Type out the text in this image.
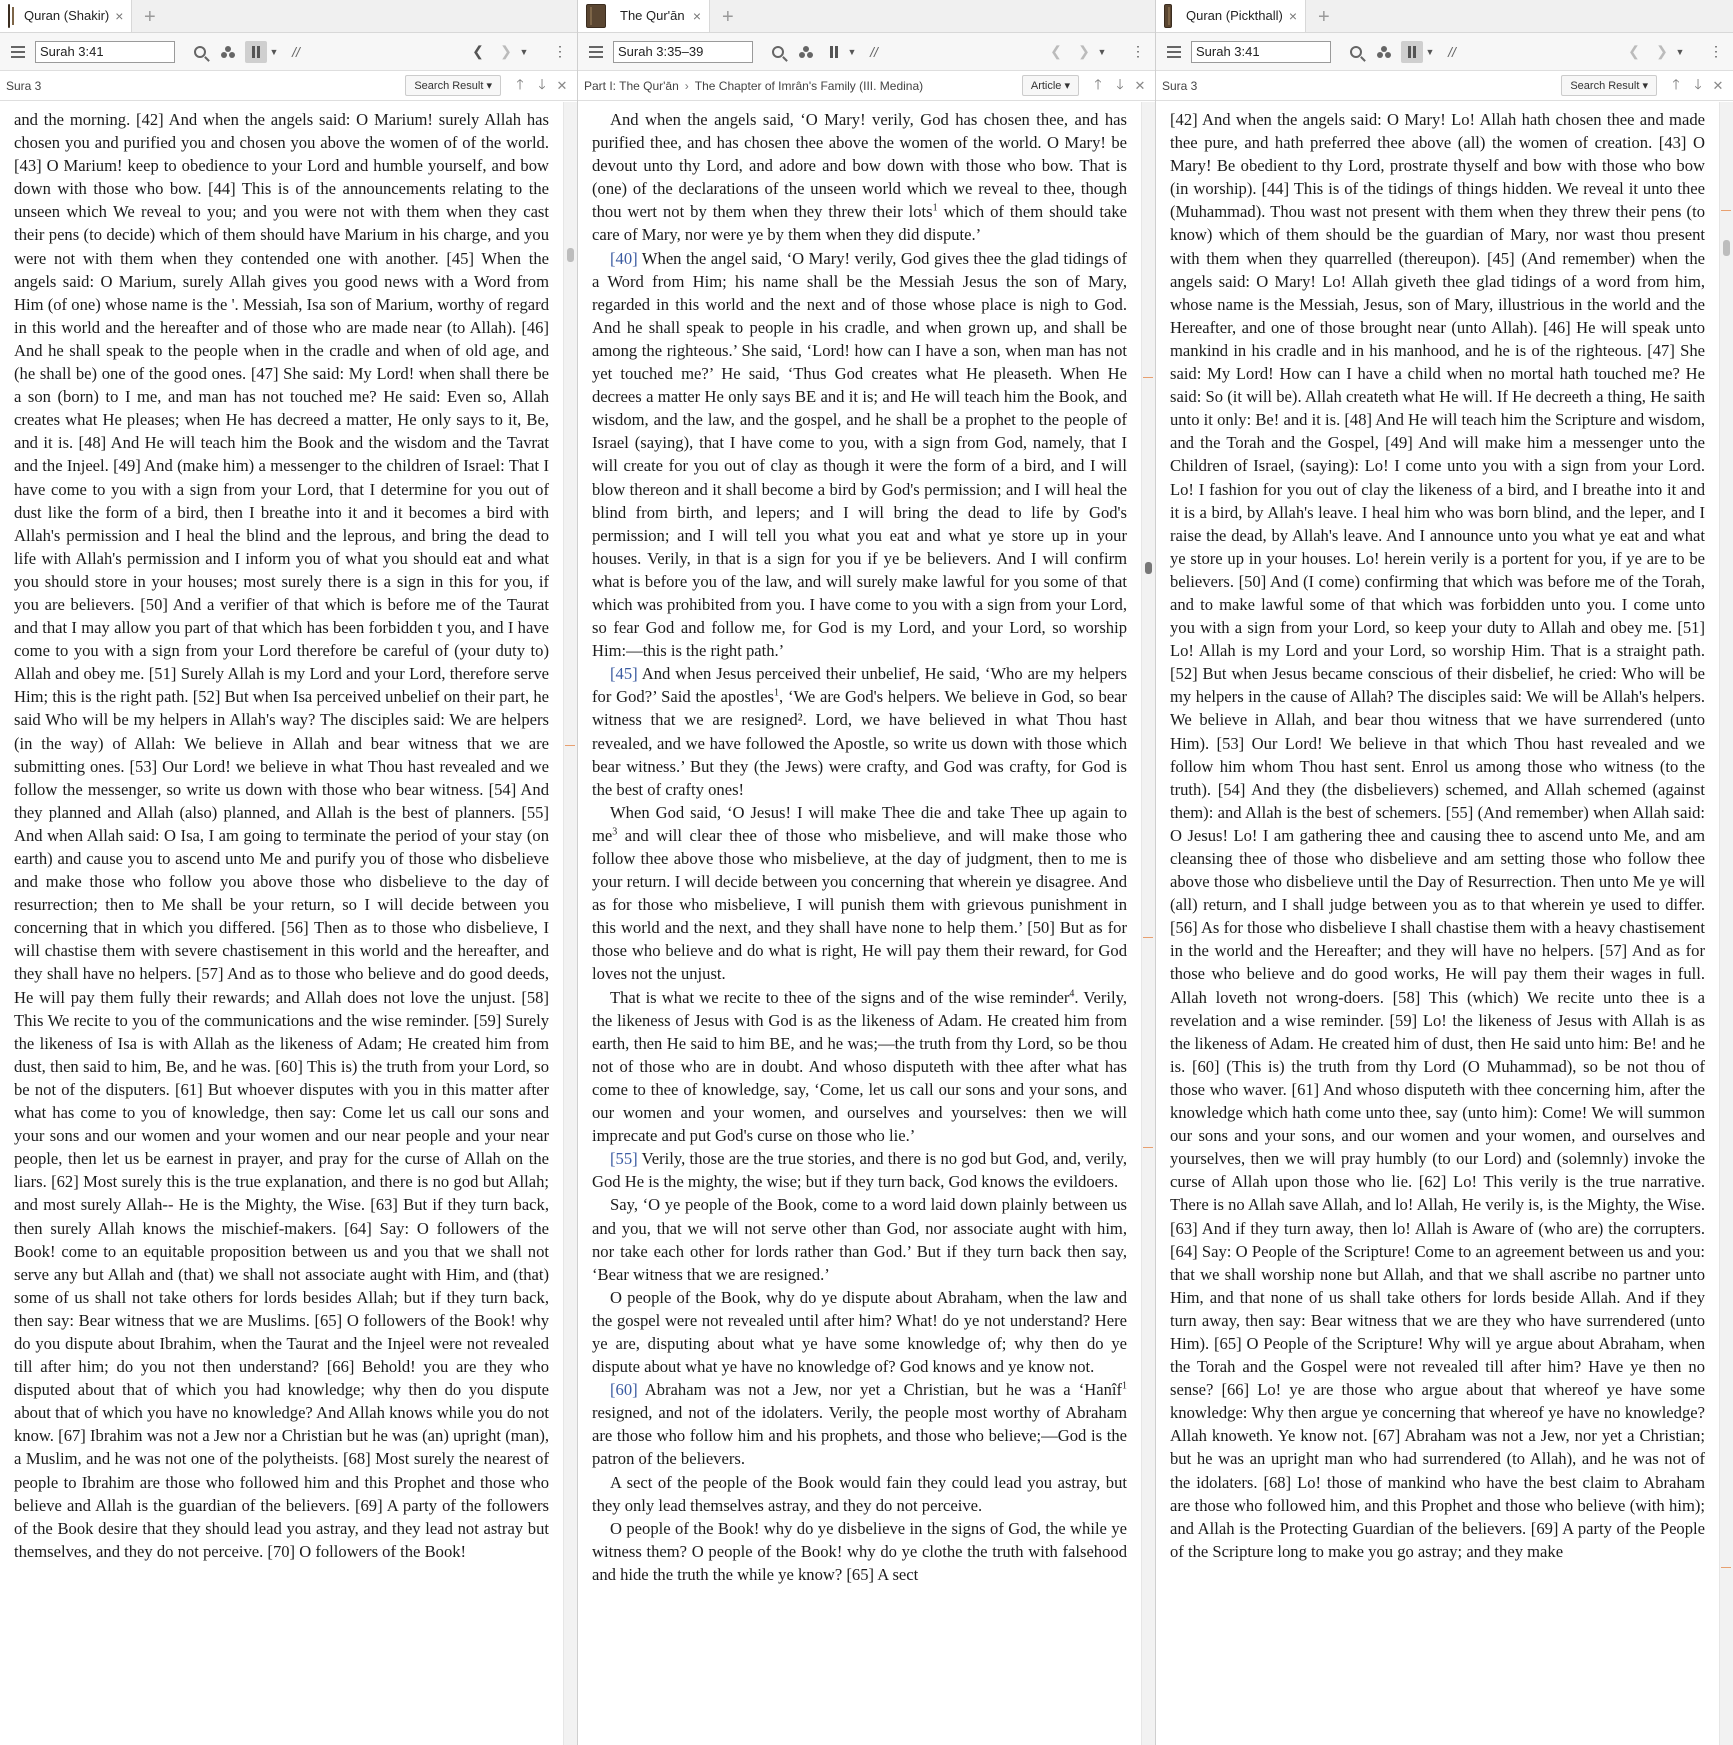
Quran (Shakir) × +
Surah 3:41
▼ //	❮	❯ ▼ ⋮
Sura 3	Search Result ▾	🡑	🡓 ✕

and the morning. [42] And when the angels said: O Marium! surely Allah has chosen you and purified you and chosen you above the women of of the world. [43] O Marium! keep to obedience to your Lord and humble yourself, and bow down with those who bow. [44] This is of the announcements relating to the unseen which We reveal to you; and you were not with them when they cast their pens (to decide) which of them should have Marium in his charge, and you were not with them when they contended one with another. [45] When the angels said: O Marium, surely Allah gives you good news with a Word from Him (of one) whose name is the '. Messiah, Isa son of Marium, worthy of regard in this world and the hereafter and of those who are made near (to Allah). [46] And he shall speak to the people when in the cradle and when of old age, and (he shall be) one of the good ones. [47] She said: My Lord! when shall there be a son (born) to I me, and man has not touched me? He said: Even so, Allah creates what He pleases; when He has decreed a matter, He only says to it, Be, and it is. [48] And He will teach him the Book and the wisdom and the Tavrat and the Injeel. [49] And (make him) a messenger to the children of Israel: That I have come to you with a sign from your Lord, that I determine for you out of dust like the form of a bird, then I breathe into it and it becomes a bird with Allah's permission and I heal the blind and the leprous, and bring the dead to life with Allah's permission and I inform you of what you should eat and what you should store in your houses; most surely there is a sign in this for you, if you are believers. [50] And a verifier of that which is before me of the Taurat and that I may allow you part of that which has been forbidden t you, and I have come to you with a sign from your Lord therefore be careful of (your duty to) Allah and obey me. [51] Surely Allah is my Lord and your Lord, therefore serve Him; this is the right path. [52] But when Isa perceived unbelief on their part, he said Who will be my helpers in Allah's way? The disciples said: We are helpers (in the way) of Allah: We believe in Allah and bear witness that we are submitting ones. [53] Our Lord! we believe in what Thou hast revealed and we follow the messenger, so write us down with those who bear witness. [54] And they planned and Allah (also) planned, and Allah is the best of planners. [55] And when Allah said: O Isa, I am going to terminate the period of your stay (on earth) and cause you to ascend unto Me and purify you of those who disbelieve and make those who follow you above those who disbelieve to the day of resurrection; then to Me shall be your return, so I will decide between you concerning that in which you differed. [56] Then as to those who disbelieve, I will chastise them with severe chastisement in this world and the hereafter, and they shall have no helpers. [57] And as to those who believe and do good deeds, He will pay them fully their rewards; and Allah does not love the unjust. [58] This We recite to you of the communications and the wise reminder. [59] Surely the likeness of Isa is with Allah as the likeness of Adam; He created him from dust, then said to him, Be, and he was. [60] This is) the truth from your Lord, so be not of the disputers. [61] But whoever disputes with you in this matter after what has come to you of knowledge, then say: Come let us call our sons and your sons and our women and your women and our near people and your near people, then let us be earnest in prayer, and pray for the curse of Allah on the liars. [62] Most surely this is the true explanation, and there is no god but Allah; and most surely Allah-- He is the Mighty, the Wise. [63] But if they turn back, then surely Allah knows the mischief-makers. [64] Say: O followers of the Book! come to an equitable proposition between us and you that we shall not serve any but Allah and (that) we shall not associate aught with Him, and (that) some of us shall not take others for lords besides Allah; but if they turn back, then say: Bear witness that we are Muslims. [65] O followers of the Book! why do you dispute about Ibrahim, when the Taurat and the Injeel were not revealed till after him; do you not then understand? [66] Behold! you are they who disputed about that of which you had knowledge; why then do you dispute about that of which you have no knowledge? And Allah knows while you do not know. [67] Ibrahim was not a Jew nor a Christian but he was (an) upright (man), a Muslim, and he was not one of the polytheists. [68] Most surely the nearest of people to Ibrahim are those who followed him and this Prophet and those who believe and Allah is the guardian of the believers. [69] A party of the followers of the Book desire that they should lead you astray, and they lead not astray but themselves, and they do not perceive. [70] O followers of the Book!

The Qur'ān × +
Surah 3:35–39
▼ //	❮	❯ ▼ ⋮
Part I: The Qur'ān › The Chapter of Imrân's Family (III. Medina)	Article ▾	🡑	🡓 ✕

And when the angels said, ‘O Mary! verily, God has chosen thee, and has purified thee, and has chosen thee above the women of the world. O Mary! be devout unto thy Lord, and adore and bow down with those who bow. That is (one) of the declarations of the unseen world which we reveal to thee, though thou wert not by them when they threw their lots$^1$ which of them should take care of Mary, nor were ye by them when they did dispute.’

[40] When the angel said, ‘O Mary! verily, God gives thee the glad tidings of a Word from Him; his name shall be the Messiah Jesus the son of Mary, regarded in this world and the next and of those whose place is nigh to God. And he shall speak to people in his cradle, and when grown up, and shall be among the righteous.’ She said, ‘Lord! how can I have a son, when man has not yet touched me?’ He said, ‘Thus God creates what He pleaseth. When He decrees a matter He only says BE and it is; and He will teach him the Book, and wisdom, and the law, and the gospel, and he shall be a prophet to the people of Israel (saying), that I have come to you, with a sign from God, namely, that I will create for you out of clay as though it were the form of a bird, and I will blow thereon and it shall become a bird by God's permission; and I will heal the blind from birth, and lepers; and I will bring the dead to life by God's permission; and I will tell you what you eat and what ye store up in your houses. Verily, in that is a sign for you if ye be believers. And I will confirm what is before you of the law, and will surely make lawful for you some of that which was prohibited from you. I have come to you with a sign from your Lord, so fear God and follow me, for God is my Lord, and your Lord, so worship Him:—this is the right path.’

[45] And when Jesus perceived their unbelief, He said, ‘Who are my helpers for God?’ Said the apostles$^1$, ‘We are God's helpers. We believe in God, so bear witness that we are resigned². Lord, we have believed in what Thou hast revealed, and we have followed the Apostle, so write us down with those which bear witness.’ But they (the Jews) were crafty, and God was crafty, for God is the best of crafty ones!

When God said, ‘O Jesus! I will make Thee die and take Thee up again to $me^3$ and will clear thee of those who misbelieve, and will make those who follow thee above those who misbelieve, at the day of judgment, then to me is your return. I will decide between you concerning that wherein ye disagree. And as for those who misbelieve, I will punish them with grievous punishment in this world and the next, and they shall have none to help them.’ [50] But as for those who believe and do what is right, He will pay them their reward, for God loves not the unjust.

That is what we recite to thee of the signs and of the wise reminder$^4$. Verily, the likeness of Jesus with God is as the likeness of Adam. He created him from earth, then He said to him BE, and he was;—the truth from thy Lord, so be thou not of those who are in doubt. And whoso disputeth with thee after what has come to thee of knowledge, say, ‘Come, let us call our sons and your sons, and our women and your women, and ourselves and yourselves: then we will imprecate and put God's curse on those who lie.’

[55] Verily, those are the true stories, and there is no god but God, and, verily, God He is the mighty, the wise; but if they turn back, God knows the evildoers.

Say, ‘O ye people of the Book, come to a word laid down plainly between us and you, that we will not serve other than God, nor associate aught with him, nor take each other for lords rather than God.’ But if they turn back then say, ‘Bear witness that we are resigned.’

O people of the Book, why do ye dispute about Abraham, when the law and the gospel were not revealed until after him? What! do ye not understand? Here ye are, disputing about what ye have some knowledge of; why then do ye dispute about what ye have no knowledge of? God knows and ye know not.

[60] Abraham was not a Jew, nor yet a Christian, but he was a ‘Hanîf$^1$ resigned, and not of the idolaters. Verily, the people most worthy of Abraham are those who follow him and his prophets, and those who believe;—God is the patron of the believers.

A sect of the people of the Book would fain they could lead you astray, but they only lead themselves astray, and they do not perceive.

O people of the Book! why do ye disbelieve in the signs of God, the while ye witness them? O people of the Book! why do ye clothe the truth with falsehood and hide the truth the while ye know? [65] A sect

Quran (Pickthall) × +
Surah 3:41
▼ //	❮	❯ ▼ ⋮
Sura 3	Search Result ▾	🡑	🡓 ✕

[42] And when the angels said: O Mary! Lo! Allah hath chosen thee and made thee pure, and hath preferred thee above (all) the women of creation. [43] O Mary! Be obedient to thy Lord, prostrate thyself and bow with those who bow (in worship). [44] This is of the tidings of things hidden. We reveal it unto thee (Muhammad). Thou wast not present with them when they threw their pens (to know) which of them should be the guardian of Mary, nor wast thou present with them when they quarrelled (thereupon). [45] (And remember) when the angels said: O Mary! Lo! Allah giveth thee glad tidings of a word from him, whose name is the Messiah, Jesus, son of Mary, illustrious in the world and the Hereafter, and one of those brought near (unto Allah). [46] He will speak unto mankind in his cradle and in his manhood, and he is of the righteous. [47] She said: My Lord! How can I have a child when no mortal hath touched me? He said: So (it will be). Allah createth what He will. If He decreeth a thing, He saith unto it only: Be! and it is. [48] And He will teach him the Scripture and wisdom, and the Torah and the Gospel, [49] And will make him a messenger unto the Children of Israel, (saying): Lo! I come unto you with a sign from your Lord. Lo! I fashion for you out of clay the likeness of a bird, and I breathe into it and it is a bird, by Allah's leave. I heal him who was born blind, and the leper, and I raise the dead, by Allah's leave. And I announce unto you what ye eat and what ye store up in your houses. Lo! herein verily is a portent for you, if ye are to be believers. [50] And (I come) confirming that which was before me of the Torah, and to make lawful some of that which was forbidden unto you. I come unto you with a sign from your Lord, so keep your duty to Allah and obey me. [51] Lo! Allah is my Lord and your Lord, so worship Him. That is a straight path. [52] But when Jesus became conscious of their disbelief, he cried: Who will be my helpers in the cause of Allah? The disciples said: We will be Allah's helpers. We believe in Allah, and bear thou witness that we have surrendered (unto Him). [53] Our Lord! We believe in that which Thou hast revealed and we follow him whom Thou hast sent. Enrol us among those who witness (to the truth). [54] And they (the disbelievers) schemed, and Allah schemed (against them): and Allah is the best of schemers. [55] (And remember) when Allah said: O Jesus! Lo! I am gathering thee and causing thee to ascend unto Me, and am cleansing thee of those who disbelieve and am setting those who follow thee above those who disbelieve until the Day of Resurrection. Then unto Me ye will (all) return, and I shall judge between you as to that wherein ye used to differ. [56] As for those who disbelieve I shall chastise them with a heavy chastisement in the world and the Hereafter; and they will have no helpers. [57] And as for those who believe and do good works, He will pay them their wages in full. Allah loveth not wrong-doers. [58] This (which) We recite unto thee is a revelation and a wise reminder. [59] Lo! the likeness of Jesus with Allah is as the likeness of Adam. He created him of dust, then He said unto him: Be! and he is. [60] (This is) the truth from thy Lord (O Muhammad), so be not thou of those who waver. [61] And whoso disputeth with thee concerning him, after the knowledge which hath come unto thee, say (unto him): Come! We will summon our sons and your sons, and our women and your women, and ourselves and yourselves, then we will pray humbly (to our Lord) and (solemnly) invoke the curse of Allah upon those who lie. [62] Lo! This verily is the true narrative. There is no Allah save Allah, and lo! Allah, He verily is, is the Mighty, the Wise. [63] And if they turn away, then lo! Allah is Aware of (who are) the corrupters. [64] Say: O People of the Scripture! Come to an agreement between us and you: that we shall worship none but Allah, and that we shall ascribe no partner unto Him, and that none of us shall take others for lords beside Allah. And if they turn away, then say: Bear witness that we are they who have surrendered (unto Him). [65] O People of the Scripture! Why will ye argue about Abraham, when the Torah and the Gospel were not revealed till after him? Have ye then no sense? [66] Lo! ye are those who argue about that whereof ye have some knowledge: Why then argue ye concerning that whereof ye have no knowledge? Allah knoweth. Ye know not. [67] Abraham was not a Jew, nor yet a Christian; but he was an upright man who had surrendered (to Allah), and he was not of the idolaters. [68] Lo! those of mankind who have the best claim to Abraham are those who followed him, and this Prophet and those who believe (with him); and Allah is the Protecting Guardian of the believers. [69] A party of the People of the Scripture long to make you go astray; and they make
